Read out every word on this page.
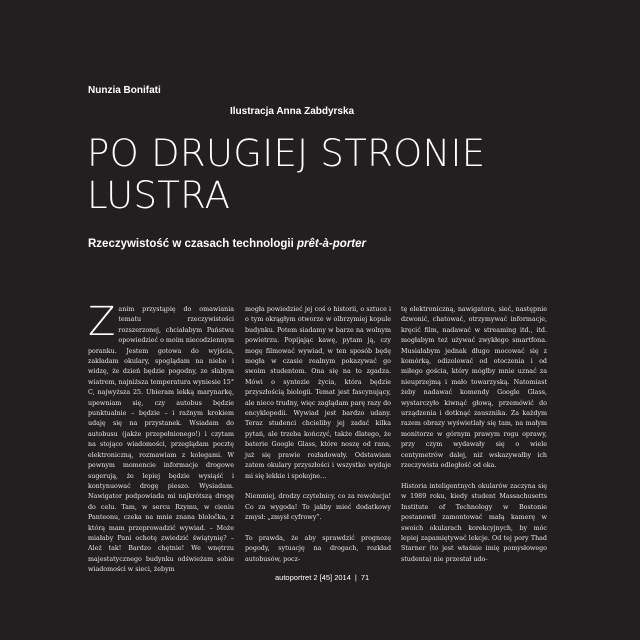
Nunzia Bonifati
Ilustracja Anna Zabdyrska
PO DRUGIEJ STRONIE LUSTRA
Rzeczywistość w czasach technologii prêt-à-porter

Zanim przystąpię do omawiania tematu rzeczywistości rozszerzonej, chciałabym Państwu opowiedzieć o moim niecodziennym poranku. Jestem gotowa do wyjścia, zakładam okulary, spoglądam na niebo i widzę, że dzień będzie pogodny, ze słabym wiatrem, najniższa temperatura wyniesie 15° C, najwyższa 25. Ubieram lekką marynarkę, upewniam się, czy autobus będzie punktualnie – będzie – i raźnym krokiem udaję się na przystanek. Wsiadam do autobusu (jakże przepełnionego!) i czytam na stojąco wiadomości, przeglądam pocztę elektroniczną, rozmawiam z kolegami. W pewnym momencie informacje drogowe sugerują, że lepiej będzie wysiąść i kontynuować drogę pieszo. Wysiadam. Nawigator podpowiada mi najkrótszą drogę do celu. Tam, w sercu Rzymu, w cieniu Panteonu, czeka na mnie znana bloločka, z którą mam przeprowadzić wywiad. – Może miałaby Pani ochotę zwiedzić świątynię? – Ależ tak! Bardzo chętnie! We wnętrzu majestatycznego budynku odświeżam sobie wiadomości w sieci, żebym

mogła powiedzieć jej coś o historii, o sztuce i o tym okrągłym otworze w olbrzymiej kopule budynku. Potem siadamy w barze na wolnym powietrzu. Popijając kawę, pytam ją, czy mogę filmować wywiad, w ten sposób będę mogła w czasie realnym pokazywać go swoim studentom. Ona się na to zgadza. Mówi o syntezie życia, która będzie przyszłością biologii. Temat jest fascynujący, ale nieco trudny, więc zaglądam parę razy do encyklopedii. Wywiad jest bardzo udany. Teraz studenci chcieliby jej zadać kilka pytań, ale trzeba kończyć, także dlatego, że baterie Google Glass, które noszę od rana, już się prawie rozładowały. Odstawiam zatem okulary przyszłości i wszystko wydaje mi się lekkie i spokojne…

Niemniej, drodzy czytelnicy, co za rewolucja! Co za wygoda! To jakby mieć dodatkowy zmysł: „zmysł cyfrowy”.

To prawda, że aby sprawdzić prognozę pogody, sytuację na drogach, rozkład autobusów, pocz-

tę elektroniczną, nawigatora, sieć, następnie dzwonić, chatować, otrzymywać informacje, kręcić film, nadawać w streaming itd., itd. mogłabym też używać zwykłego smartfona. Musiałabym jednak długo mocować się z komórką, odizolować od otoczenia i od miłego gościa, który mógłby mnie uznać za nieuprzejmą i mało towarzyską. Natomiast żeby nadawać komendy Google Glass, wystarczyło kiwnąć głową, przemówić do urządzenia i dotknąć zausznika. Za każdym razem obrazy wyświetlały się tam, na małym monitorze w górnym prawym rogu oprawy, przy czym wydawały się o wiele centymetrów dalej, niż wskazywałby ich rzeczywista odległość od oka.

Historia inteligentnych okularów zaczyna się w 1989 roku, kiedy student Massachusetts Institute of Technology w Bostonie postanowił zamontować małą kamerę w swoich okularach korekcyjnych, by móc lepiej zapamiętywać lekcje. Od tej pory Thad Starner (to jest właśnie imię pomysłowego studenta) nie przestał udo-

autoportret 2 [45] 2014 | 71
